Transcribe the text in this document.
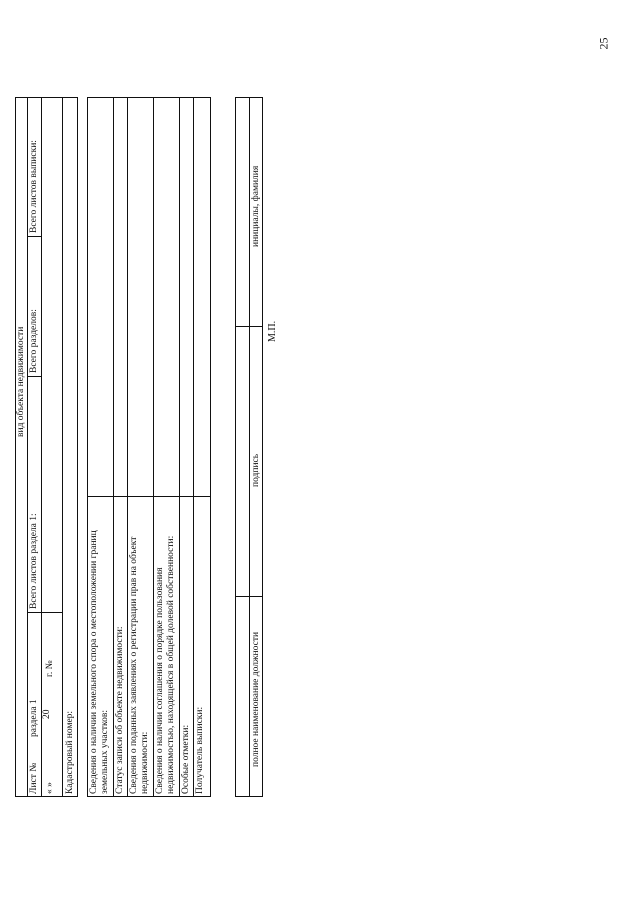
25
вид объекта недвижимости
Лист №
раздела 1
Всего листов раздела 1:
Всего разделов:
Всего листов выписки:
« »
20
г. №
Кадастровый номер: Сведения о наличии земельного спора о местоположении границ земельных участков: Статус записи об объекте недвижимости: Сведения о поданных заявлениях о регистрации прав на объект недвижимости: Сведения о наличии соглашения о порядке пользования недвижимостью, находящейся в общей долевой собственности: Особые отметки: Получатель выписки:	полное наименование должности
подпись
инициалы, фамилия
М.П.
